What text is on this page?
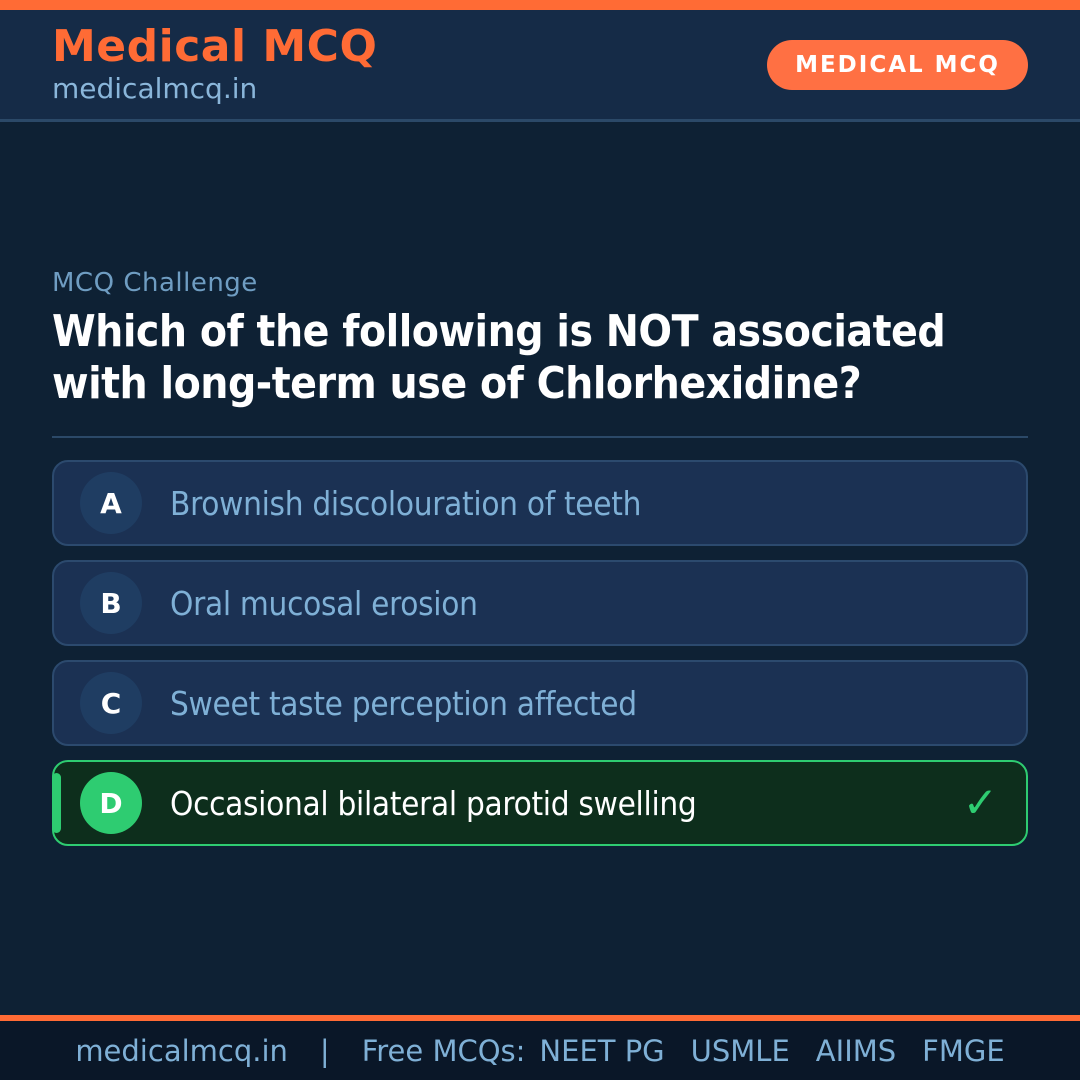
Medical MCQ
medicalmcq.in
MEDICAL MCQ
MCQ Challenge
Which of the following is NOT associated with long-term use of Chlorhexidine?
A	Brownish discolouration of teeth
B	Oral mucosal erosion
C	Sweet taste perception affected
D	Occasional bilateral parotid swelling	✓
medicalmcq.in | Free MCQs: NEET PG USMLE AIIMS FMGE
